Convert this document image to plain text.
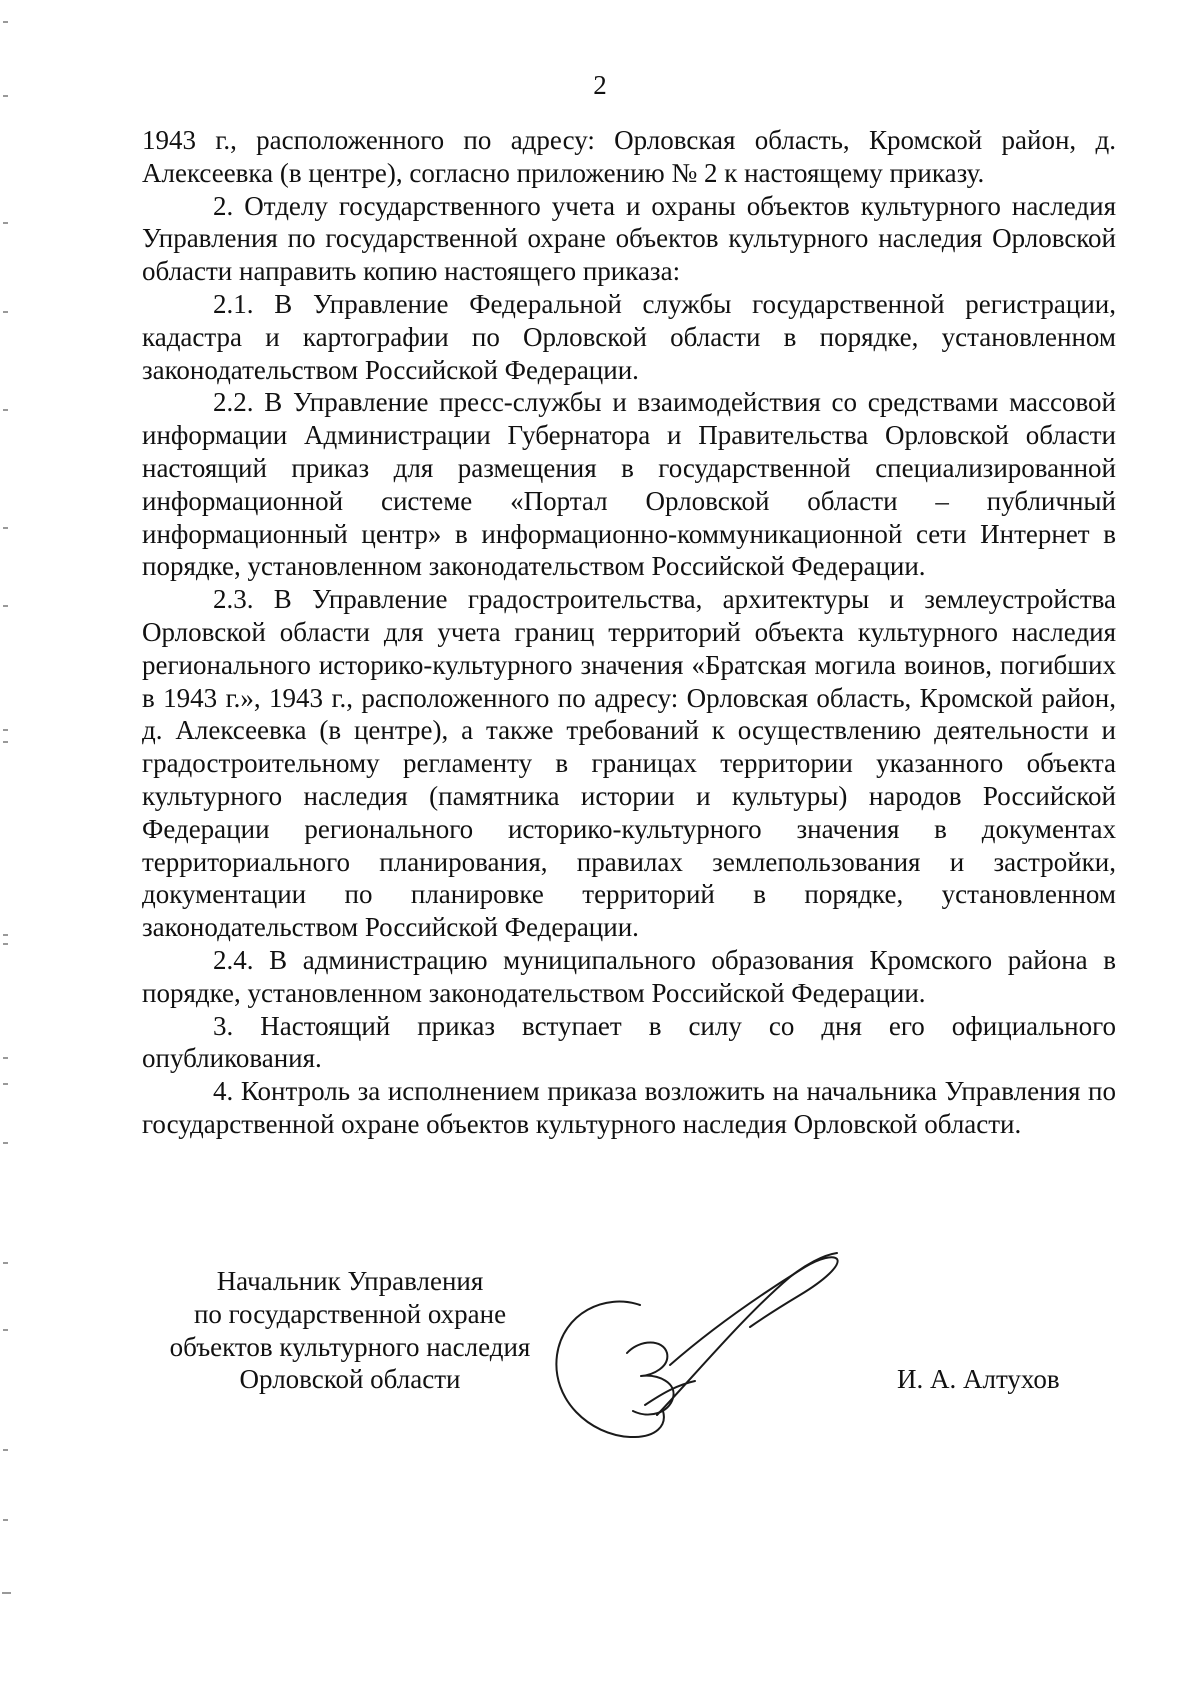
2

1943 г., расположенного по адресу: Орловская область, Кромской район, д. Алексеевка (в центре), согласно приложению № 2 к настоящему приказу.

2. Отделу государственного учета и охраны объектов культурного наследия Управления по государственной охране объектов культурного наследия Орловской области направить копию настоящего приказа:

2.1. В Управление Федеральной службы государственной регистрации, кадастра и картографии по Орловской области в порядке, установленном законодательством Российской Федерации.

2.2. В Управление пресс-службы и взаимодействия со средствами массовой информации Администрации Губернатора и Правительства Орловской области настоящий приказ для размещения в государственной специализированной информационной системе «Портал Орловской области – публичный информационный центр» в информационно-коммуникационной сети Интернет в порядке, установленном законодательством Российской Федерации.

2.3. В Управление градостроительства, архитектуры и землеустройства Орловской области для учета границ территорий объекта культурного наследия регионального историко-культурного значения «Братская могила воинов, погибших в 1943 г.», 1943 г., расположенного по адресу: Орловская область, Кромской район, д. Алексеевка (в центре), а также требований к осуществлению деятельности и градостроительному регламенту в границах территории указанного объекта культурного наследия (памятника истории и культуры) народов Российской Федерации регионального историко-культурного значения в документах территориального планирования, правилах землепользования и застройки, документации по планировке территорий в порядке, установленном законодательством Российской Федерации.

2.4. В администрацию муниципального образования Кромского района в порядке, установленном законодательством Российской Федерации.

3. Настоящий приказ вступает в силу со дня его официального опубликования.

4. Контроль за исполнением приказа возложить на начальника Управления по государственной охране объектов культурного наследия Орловской области.

Начальник Управления
по государственной охране
объектов культурного наследия
Орловской области	И. А. Алтухов
